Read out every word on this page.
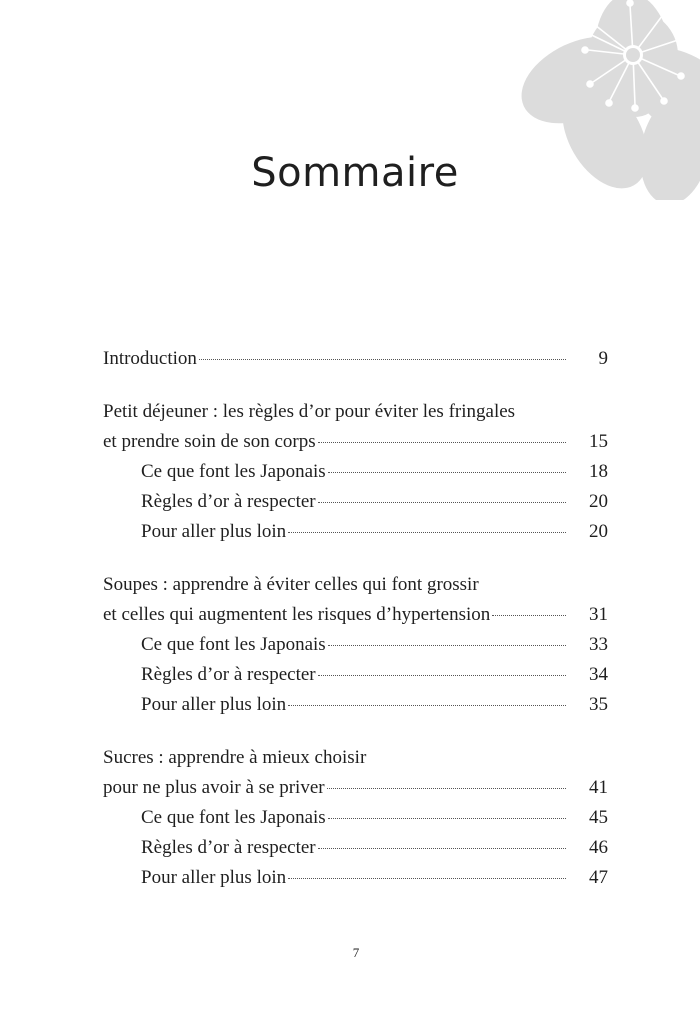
Sommaire
Introduction	9
Petit déjeuner : les règles d’or pour éviter les fringales
et prendre soin de son corps	15
Ce que font les Japonais	18
Règles d’or à respecter	20
Pour aller plus loin	20
Soupes : apprendre à éviter celles qui font grossir
et celles qui augmentent les risques d’hypertension	31
Ce que font les Japonais	33
Règles d’or à respecter	34
Pour aller plus loin	35
Sucres : apprendre à mieux choisir
pour ne plus avoir à se priver	41
Ce que font les Japonais	45
Règles d’or à respecter	46
Pour aller plus loin	47
7
